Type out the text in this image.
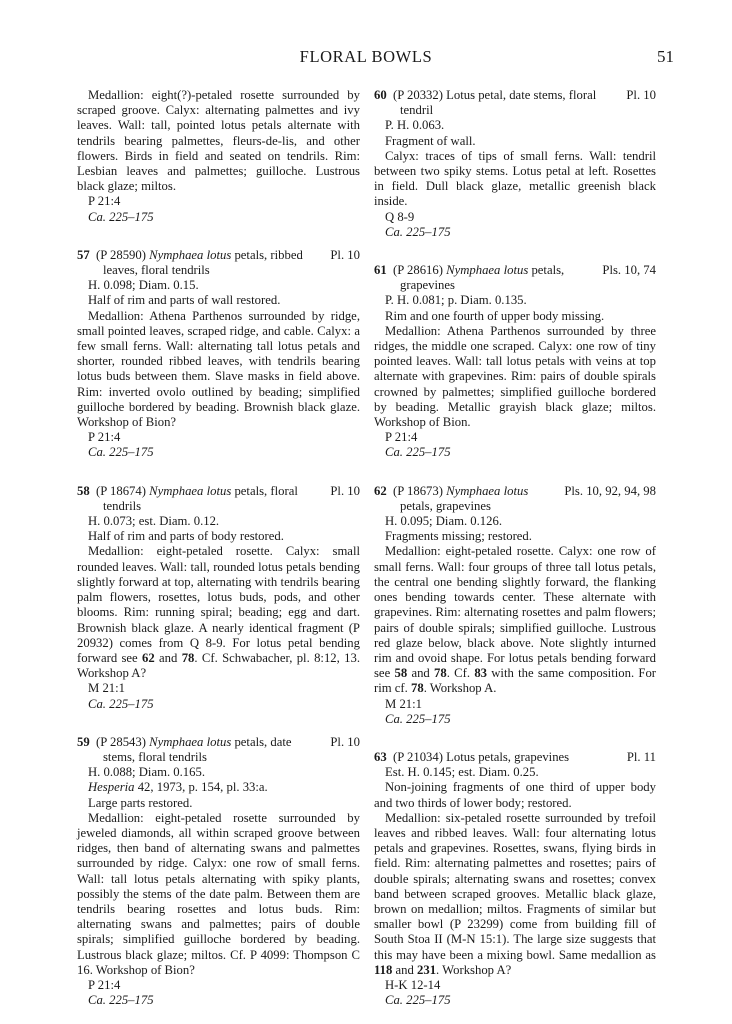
FLORAL BOWLS	51

Medallion: eight(?)-petaled rosette surrounded by scraped groove. Calyx: alternating palmettes and ivy leaves. Wall: tall, pointed lotus petals alternate with tendrils bearing palmettes, fleurs-de-lis, and other flowers. Birds in field and seated on tendrils. Rim: Lesbian leaves and palmettes; guilloche. Lustrous black glaze; miltos.

P 21:4

Ca. 225–175

57 (P 28590) Nymphaea lotus petals, ribbed
leaves, floral tendrils
Pl. 10

H. 0.098; Diam. 0.15.

Half of rim and parts of wall restored.

Medallion: Athena Parthenos surrounded by ridge, small pointed leaves, scraped ridge, and cable. Calyx: a few small ferns. Wall: alternating tall lotus petals and shorter, rounded ribbed leaves, with tendrils bearing lotus buds between them. Slave masks in field above. Rim: inverted ovolo outlined by beading; simplified guilloche bordered by beading. Brownish black glaze. Workshop of Bion?

P 21:4

Ca. 225–175

58 (P 18674) Nymphaea lotus petals, floral
tendrils
Pl. 10

H. 0.073; est. Diam. 0.12.

Half of rim and parts of body restored.

Medallion: eight-petaled rosette. Calyx: small rounded leaves. Wall: tall, rounded lotus petals bending slightly forward at top, alternating with tendrils bearing palm flowers, rosettes, lotus buds, pods, and other blooms. Rim: running spiral; beading; egg and dart. Brownish black glaze. A nearly identical fragment (P 20932) comes from Q 8-9. For lotus petal bending forward see 62 and 78. Cf. Schwabacher, pl. 8:12, 13. Workshop A?

M 21:1

Ca. 225–175

59 (P 28543) Nymphaea lotus petals, date
stems, floral tendrils
Pl. 10

H. 0.088; Diam. 0.165.

Hesperia 42, 1973, p. 154, pl. 33:a.

Large parts restored.

Medallion: eight-petaled rosette surrounded by jeweled diamonds, all within scraped groove between ridges, then band of alternating swans and palmettes surrounded by ridge. Calyx: one row of small ferns. Wall: tall lotus petals alternating with spiky plants, possibly the stems of the date palm. Between them are tendrils bearing rosettes and lotus buds. Rim: alternating swans and palmettes; pairs of double spirals; simplified guilloche bordered by beading. Lustrous black glaze; miltos. Cf. P 4099: Thompson C 16. Workshop of Bion?

P 21:4

Ca. 225–175

60 (P 20332) Lotus petal, date stems, floral
tendril
Pl. 10

P. H. 0.063.

Fragment of wall.

Calyx: traces of tips of small ferns. Wall: tendril between two spiky stems. Lotus petal at left. Rosettes in field. Dull black glaze, metallic greenish black inside.

Q 8-9

Ca. 225–175

61 (P 28616) Nymphaea lotus petals,
grapevines
Pls. 10, 74

P. H. 0.081; p. Diam. 0.135.

Rim and one fourth of upper body missing.

Medallion: Athena Parthenos surrounded by three ridges, the middle one scraped. Calyx: one row of tiny pointed leaves. Wall: tall lotus petals with veins at top alternate with grapevines. Rim: pairs of double spirals crowned by palmettes; simplified guilloche bordered by beading. Metallic grayish black glaze; miltos. Workshop of Bion.

P 21:4

Ca. 225–175

62 (P 18673) Nymphaea lotus
petals, grapevines
Pls. 10, 92, 94, 98

H. 0.095; Diam. 0.126.

Fragments missing; restored.

Medallion: eight-petaled rosette. Calyx: one row of small ferns. Wall: four groups of three tall lotus petals, the central one bending slightly forward, the flanking ones bending towards center. These alternate with grapevines. Rim: alternating rosettes and palm flowers; pairs of double spirals; simplified guilloche. Lustrous red glaze below, black above. Note slightly inturned rim and ovoid shape. For lotus petals bending forward see 58 and 78. Cf. 83 with the same composition. For rim cf. 78. Workshop A.

M 21:1

Ca. 225–175

63 (P 21034) Lotus petals, grapevines	Pl. 11

Est. H. 0.145; est. Diam. 0.25.

Non-joining fragments of one third of upper body and two thirds of lower body; restored.

Medallion: six-petaled rosette surrounded by trefoil leaves and ribbed leaves. Wall: four alternating lotus petals and grapevines. Rosettes, swans, flying birds in field. Rim: alternating palmettes and rosettes; pairs of double spirals; alternating swans and rosettes; convex band between scraped grooves. Metallic black glaze, brown on medallion; miltos. Fragments of similar but smaller bowl (P 23299) come from building fill of South Stoa II (M-N 15:1). The large size suggests that this may have been a mixing bowl. Same medallion as 118 and 231. Workshop A?

H-K 12-14

Ca. 225–175
